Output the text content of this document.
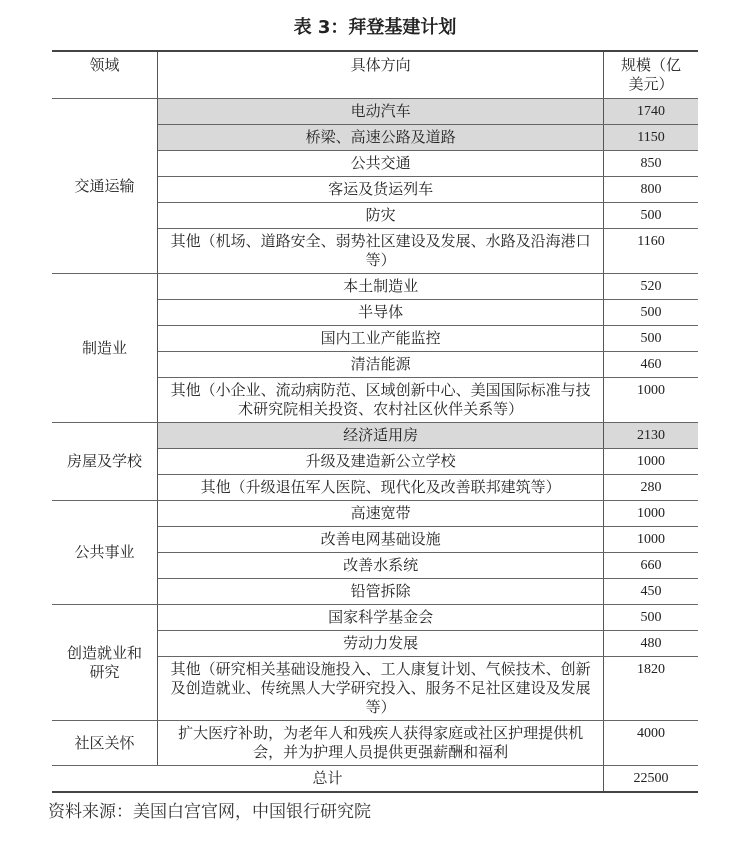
表 3：拜登基建计划
领域	具体方向	规模（亿美元）
交通运输	电动汽车	1740
	桥梁、高速公路及道路	1150
	公共交通	850
	客运及货运列车	800
	防灾	500
	其他（机场、道路安全、弱势社区建设及发展、水路及沿海港口等）	1160
制造业	本土制造业	520
	半导体	500
	国内工业产能监控	500
	清洁能源	460
	其他（小企业、流动病防范、区域创新中心、美国国际标准与技术研究院相关投资、农村社区伙伴关系等）	1000
房屋及学校	经济适用房	2130
	升级及建造新公立学校	1000
	其他（升级退伍军人医院、现代化及改善联邦建筑等）	280
公共事业	高速宽带	1000
	改善电网基础设施	1000
	改善水系统	660
	铅管拆除	450
创造就业和研究	国家科学基金会	500
	劳动力发展	480
	其他（研究相关基础设施投入、工人康复计划、气候技术、创新及创造就业、传统黑人大学研究投入、服务不足社区建设及发展等）	1820
社区关怀	扩大医疗补助，为老年人和残疾人获得家庭或社区护理提供机会，并为护理人员提供更强薪酬和福利	4000
总计		22500
资料来源：美国白宫官网，中国银行研究院
